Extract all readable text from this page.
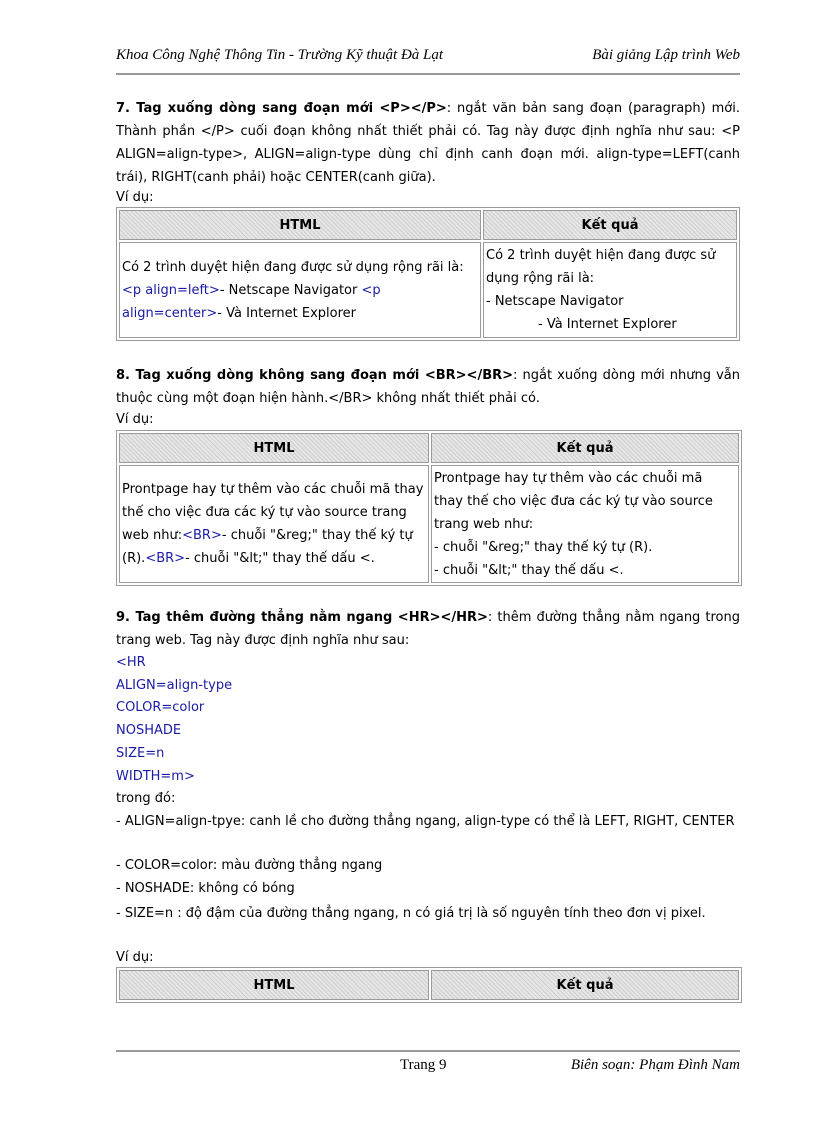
Khoa Công Nghệ Thông Tin - Trường Kỹ thuật Đà Lạt	Bài giảng Lập trình Web
7. Tag xuống dòng sang đoạn mới <P></P>: ngắt văn bản sang đoạn (paragraph) mới. Thành phần </P> cuối đoạn không nhất thiết phải có. Tag này được định nghĩa như sau: <P ALIGN=align-type>, ALIGN=align-type dùng chỉ định canh đoạn mới. align-type=LEFT(canh trái), RIGHT(canh phải) hoặc CENTER(canh giữa).
Ví dụ:
HTML	Kết quả
Có 2 trình duyệt hiện đang được sử dụng rộng rãi là: <p align=left>- Netscape Navigator <p align=center>- Và Internet Explorer	Có 2 trình duyệt hiện đang được sử
dụng rộng rãi là:
- Netscape Navigator
- Và Internet Explorer
8. Tag xuống dòng không sang đoạn mới <BR></BR>: ngắt xuống dòng mới nhưng vẫn thuộc cùng một đoạn hiện hành.</BR> không nhất thiết phải có.
Ví dụ:
HTML	Kết quả
Prontpage hay tự thêm vào các chuỗi mã thay thế cho việc đưa các ký tự vào source trang web như:<BR>- chuỗi "&reg;" thay thế ký tự (R).<BR>- chuỗi "&lt;" thay thế dấu <.	Prontpage hay tự thêm vào các chuỗi mã
thay thế cho việc đưa các ký tự vào source
trang web như:
- chuỗi "&reg;" thay thế ký tự (R).
- chuỗi "&lt;" thay thế dấu <.
9. Tag thêm đường thẳng nằm ngang <HR></HR>: thêm đường thẳng nằm ngang trong trang web. Tag này được định nghĩa như sau:
<HR
ALIGN=align-type
COLOR=color
NOSHADE
SIZE=n
WIDTH=m>
trong đó:
- ALIGN=align-tpye: canh lề cho đường thẳng ngang, align-type có thể là LEFT, RIGHT, CENTER
- COLOR=color: màu đường thẳng ngang
- NOSHADE: không có bóng
- SIZE=n : độ đậm của đường thẳng ngang, n có giá trị là số nguyên tính theo đơn vị pixel.
Ví dụ:
HTML	Kết quả
Trang 9	Biên soạn: Phạm Đình Nam
